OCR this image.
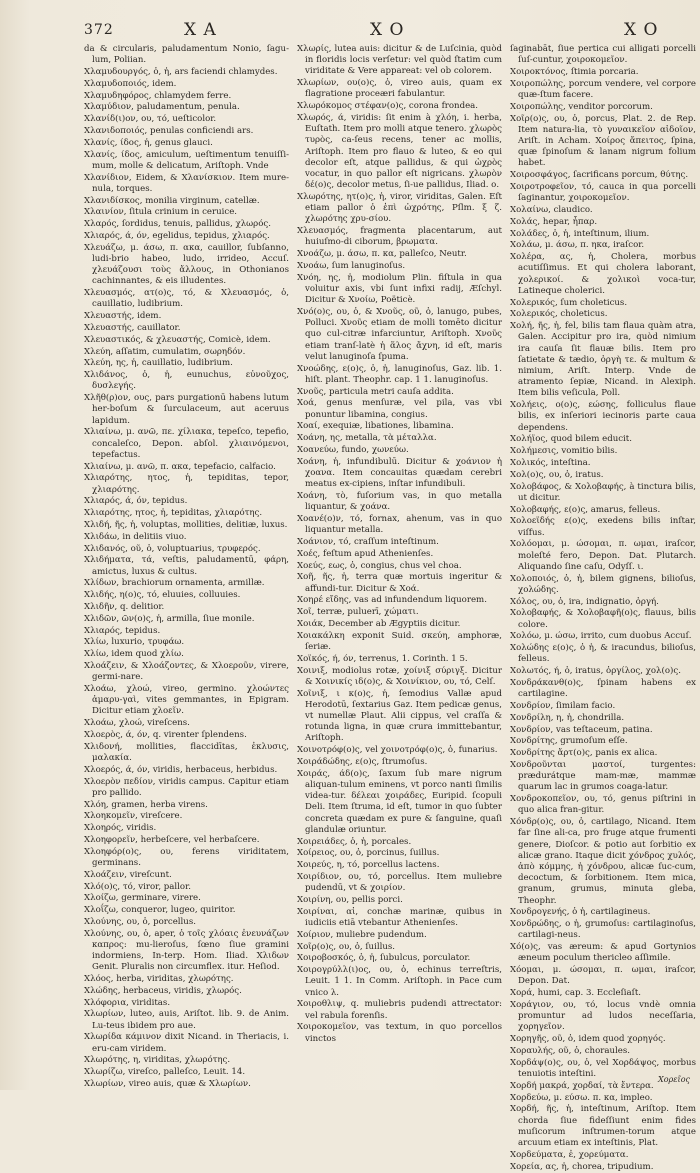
372	X A	X O	X O

da & circularis, paludamentum Nonio, ſagu-lum, Poliian.

Χλαμυδουργός, ὁ, ἡ, ars faciendi chlamydes.

Χλαμυδοποιός, idem.

Χλαμυδηφόρος, chlamydem ferre.

Χλαμύδιον, paludamentum, penula.

Χλανίδ(ι)ον, ου, τό, ueſticolor.

Χλανιδοποιός, penulas conficiendi ars.

Χλανίς, ίδος, ἡ, genus glauci.

Χλανίς, ίδος, amiculum, ueſtimentum tenuiſſi-mum, molle & delicatum, Ariſtoph. Vnde

Χλανίδιον, Eidem, & Χλανίσκιον. Item mure-nula, torques.

Χλανιδίσκος, monilia virginum, catellæ.

Χλαινίον, ſitula crinium in ceruice.

Χλαρός, ſordidus, tenuis, pallidus, χλωρός.

Χλιαρός, ά, όν, egelidus, tepidus, χλιαρός.

Χλευάζω, μ. άσω, π. ακα, cauillor, ſubſanno, ludi-brio habeo, ludo, irrideo, Accuſ. χλευάζουσι τοὺς ἄλλους, in Othonianos cachinnantes, & eis illudentes.

Χλευασμός, ατ(ο)ς, τό, & Χλευασμός, ὁ, cauillatio, ludibrium.

Χλευαστής, idem.

Χλευαστής, cauillator.

Χλευαστικός, & χλευαστής, Comicè, idem.

Χλεύη, aſſatim, cumulatim, σωρηδόν.

Χλεύη, ης, ἡ, cauillatio, ludibrium.

Χλιδάνος, ὁ, ἡ, eunuchus, εὐνοῦχος, δυσλεγής.

Χλῆθ(ρ)ον, ους, pars purgationū habens lutum her-boſum & ſurculaceum, aut aceruus lapidum.

Χλιαίνω, μ. ανῶ, πε. χίλιακα, tepeſco, tepefio, concaleſco, Depon. abſol. χλιαινόμενοι, tepefactus.

Χλιαίνω, μ. ανῶ, π. ακα, tepefacio, calfacio.

Χλιαρότης, ητος, ἡ, tepiditas, tepor, χλιαρότης.

Χλιαρός, ά, όν, tepidus.

Χλιαρότης, ητος, ἡ, tepiditas, χλιαρότης.

Χλιδή, ῆς, ἡ, voluptas, mollities, delitiæ, luxus.

Χλιδάω, in delitiis viuo.

Χλιδανός, οῦ, ὁ, voluptuarius, τρυφερός.

Χλιδήματα, τά, veſtis, paludamentū, φάρη, amictus, luxus & cultus.

Χλίδων, brachiorum ornamenta, armillæ.

Χλιδής, η(ο)ς, τό, eluuies, colluuies.

Χλιδῆν, q. delitior.

Χλιδῶν, ῶν(ο)ς, ἡ, armilla, ſiue monile.

Χλιαρός, tepidus.

Χλίω, luxurio, τρυφάω.

Χλίω, idem quod χλίω.

Χλοάζειν, & Χλοάζοντες, & Χλοεροῦν, virere, germi-nare.

Χλοάω, χλοώ, vireo, germino. χλοώντες ἀμαρυ-γαὶ, vites gemmantes, in Epigram. Dicitur etiam χλοεῖν.

Χλοάω, χλοώ, vireſcens.

Χλοερὸς, ά, όν, q. virenter ſplendens.

Χλιδονή, mollities, flaccidītas, ἐκλυσις, μαλακία.

Χλοερός, ά, όν, viridis, herbaceus, herbidus.

Χλοερὸν πεδίον, viridis campus. Capitur etiam pro pallido.

Χλόη, gramen, herba virens.

Χλοηκομεῖν, vireſcere.

Χλοηρός, viridis.

Χλοηφορεῖν, herbeſcere, vel herbaſcere.

Χλοηφόρ(ο)ς, ου, ferens viriditatem, germinans.

Χλοάζειν, vireſcunt.

Χλό(ο)ς, τό, viror, pallor.

Χλοίζω, germinare, virere.

Χλοΐζω, conqueror, lugeo, quiritor.

Χλούνης, ου, ὁ, porcellus.

Χλούνης, ου, ὁ, aper, ὁ τοῖς χλόαις ἐνευνάζων καπρος: mu-lieroſus, ſœno ſiue gramini indormiens, In-terp. Hom. Iliad. Χλιδων Genit. Pluralis non circumflex. itur. Heſiod.

Χλόος, herba, viriditas, χλωρότης.

Χλώδης, herbaceus, viridis, χλωρός.

Χλόφορια, viriditas.

Χλωρίων, luteo, auis, Ariſtot. lib. 9. de Anim. Lu-teus ibidem pro aue.

Χλωρίδα κάμινον dixit Nicand. in Theriacis, i. eru-cam viridem.

Χλωρότης, η, viriditas, χλωρότης.

Χλωρίζω, vireſco, palleſco, Leuit. 14.

Χλωρίων, vireo auis, quæ & Χλωρίων.

Χλωρίς, lutea auis: dicitur & de Luſcinia, quòd in floridis locis verſetur: vel quòd ſtatim cum viriditate & Vere appareat: vel ob colorem.

Χλωρίων, ου(ο)ς, ὁ, vireo auis, quam ex flagratione proceæri fabulantur.

Χλωρόκομος στέφαν(ο)ς, corona frondea.

Χλωρός, ά, viridis: ſit enim à χλόη, i. herba, Euſtath. Item pro molli atque tenero. χλωρὸς τυρὸς, ca-ſeus recens, tener ac mollis, Ariſtoph. Item pro flauo & luteo, & eo qui decolor eſt, atque pallidus, & qui ὠχρὸς vocatur, in quo pallor eſt nigricans. χλωρὸν δέ(ο)ς, decolor metus, ſi-ue pallidus, Iliad. ο.

Χλωρότης, ητ(ο)ς, ἡ, viror, viriditas, Galen. Eſt etiam pallor ὁ ἐπὶ ὠχρότης, Pſlm. ξ ζ. χλωρότης χρυ-σίου.

Χλευασμός, fragmenta placentarum, aut huiuſmo-di ciborum, βρωματα.

Χνοάζω, μ. άσω, π. κα, palleſco, Neutr.

Χνοάω, ſum lanuginoſus.

Χνόη, ης, ἡ, modiolum Plin. fiſtula in qua voluitur axis, vbi ſunt infixi radij, Æſchyl. Dicitur & Χνοίω, Poëticè.

Χνό(ο)ς, ου, ὁ, & Χνοῦς, οῦ, ὁ, lanugo, pubes, Polluci. Χνοῦς etiam de molli tomēto dicitur quo cul-citræ infarciuntur, Ariſtoph. Χνοῦς etiam tranſ-latè ἡ ἅλος ἄχνη, id eſt, maris velut lanuginoſa ſpuma.

Χνοώδης, ε(ο)ς, ὁ, ἡ, lanuginoſus, Gaz. lib. 1. hiſt. plant. Theophr. cap. 1 1. lanuginoſus.

Χνοῦς, particula metri cauſa addita.

Χοά, genus menſuræ, vel pila, vas vbi ponuntur libamina, congius.

Χοαί, exequiæ, libationes, libamina.

Χοάνη, ης, metalla, τὰ μέταλλα.

Χοανεύω, fundo, χωνεύω.

Χοάνη, ἡ, infundibulū. Dicitur & χοάνιον ἡ χοανα. Item concauitas quædam cerebri meatus ex-cipiens, inſtar infundibuli.

Χοάνη, τὸ, fuſorium vas, in quo metalla liquantur, & χοάνα.

Χοανέ(ο)ν, τό, fornax, ahenum, vas in quo liquantur metalla.

Χοάνιον, τό, craſſum inteſtinum.

Χοές, feſtum apud Athenienſes.

Χοεύς, εως, ὁ, congius, chus vel choa.

Χοῆ, ῆς, ἡ, terra quæ mortuis ingeritur & affundi-tur. Dicitur & Χοά.

Χοηρέ εἴδης, vas ad infundendum liquorem.

Χοῖ, terræ, puluerī, χώματι.

Χοιάκ, December ab Ægyptiis dicitur.

Χοιακάλκη exponit Suid. σκεύη, amphoræ, ſeriæ.

Χοϊκός, ή, όν, terrenus, 1. Corinth. 1 5.

Χοινιξ, modiolus rotæ, χοίνιξ σύριγξ. Dicitur & Χοινικίς ιδ(ο)ς, & Χοινίκιον, ου, τό, Celſ.

Χοῖνιξ, ι κ(ο)ς, ἡ, ſemodius Vallæ apud Herodotū, ſextarius Gaz. Item pedicæ genus, vt numellæ Plaut. Alii cippus, vel craſſa & rotunda ligna, in quæ crura immittebantur, Ariſtoph.

Χοινοτρόφ(ο)ς, vel χοινοτρόφ(ο)ς, ὁ, funarius.

Χοιράδώδης, ε(ο)ς, ſtrumoſus.

Χοιράς, άδ(ο)ς, ſaxum ſub mare nigrum aliquan-tulum eminens, vt porco nanti ſimilis videa-tur. δέλεαι χοιράδες, Euripid. ſcopuli Deli. Item ſtruma, id eſt, tumor in quo ſubter concreta quædam ex pure & ſanguine, quaſi glandulæ oriuntur.

Χοιρειάδες, ὁ, ἡ, porcales.

Χοίρειος, ου, ὁ, porcinus, ſuillus.

Χοιρεύς, η, τό, porcellus lactens.

Χοιρίδιον, ου, τό, porcellus. Item muliebre pudendū, vt & χοιρίον.

Χοιρίνη, ου, pellis porci.

Χοιρίναι, αἱ, conchæ marinæ, quibus in iudiciis etiā vtebantur Athenienſes.

Χοίριον, muliebre pudendum.

Χοῖρ(ο)ς, ου, ὁ, ſuillus.

Χοιροβοσκός, ὁ, ἡ, ſubulcus, porculator.

Χοιρογρύλλ(ι)ος, ου, ὁ, echinus terreſtris, Leuit. 1 1. In Comm. Ariſtoph. in Pace cum vnico λ.

Χοιροθλιψ, q. muliebris pudendi attrectator: vel rabula forenſis.

Χοιροκομεῖον, vas textum, in quo porcellos vinctos

ſaginabāt, ſiue pertica cui alligati porcelli ſuſ-cuntur, χοιροκομεῖον.

Χοιροκτόνος, ſtimia porcaria.

Χοιροπώλης, porcum vendere, vel corpore quæ-ſtum facere.

Χοιροπώλης, venditor porcorum.

Χοῖρ(ο)ς, ου, ὁ, porcus, Plat. 2. de Rep. Item natura-lia, τὸ γυναικεῖον αἰδοῖον, Ariſt. in Acham. Χοίρος ἄπειτος, ſpina, quæ ſpinoſum & lanam nigrum folium habet.

Χοιροσφάγος, ſacrificans porcum, θύτης.

Χοιροτροφεῖον, τό, cauca in qua porcelli ſaginantur, χοιροκομεῖον.

Χολαίνω, claudico.

Χολάς, hepar, ἧπαρ.

Χολάδες, ὁ, ἡ, inteſtinum, ilium.

Χολάω, μ. άσω, π. ηκα, iraſcor.

Χολέρα, ας, ἡ, Cholera, morbus acutiſſimus. Et qui cholera laborant, χολερικοί. & χολικοὶ voca-tur, Latineque cholerici.

Χολερικός, ſum choleticus.

Χολερικός, choleticus.

Χολή, ῆς, ἡ, fel, bilis tam flaua quàm atra, Galen. Accipitur pro ira, quòd nimium ira cauſa ſit flauæ bilis. Item pro ſatietate & tædio, ὀργὴ τε. & multum & nimium, Ariſt. Interp. Vnde de atramento ſepiæ, Nicand. in Alexiph. Item bilis veſicula, Poll.

Χολήεις, ο(ο)ς, εώσης, folliculus flaue bilis, ex inſeriori iecinoris parte caua dependens.

Χολήϊος, quod bilem educit.

Χολήμεσις, vomitio bilis.

Χολικός, inteſtina.

Χολ(ο)ς, ου, ὁ, iratus.

Χολοβάφος, & Χολοβαφής, à tinctura bilis, ut dicitur.

Χολοβαφής, ε(ο)ς, amarus, felleus.

Χολοεϊδής ε(ο)ς, exedens bilis inſtar, viſfus.

Χολόομαι, μ. ώσομαι, π. ωμαι, iraſcor, moleſté fero, Depon. Dat. Plutarch. Aliquando ſine caſu, Odyſſ. ι.

Χολοποιός, ὁ, ἡ, bilem gignens, bilioſus, χολώδης.

Χόλος, ου, ὁ, ira, indignatio, ὀργή.

Χολοβαφής, & Χολοβαφῆ(ο)ς, flauus, bilis colore.

Χολόω, μ. ώσω, irrito, cum duobus Accuſ.

Χολώδης ε(ο)ς, ὁ ἡ, & iracundus, bilioſus, felleus.

Χολωτός, ή, ὁ, iratus, ὀργίλος, χολ(ο)ς.

Χονδράκανθ(ο)ς, ſpinam habens ex cartilagine.

Χονδρίον, ſimilam facio.

Χονδρίλη, η, ἡ, chondrilla.

Χονδρίον, vas teſtaceum, patina.

Χονδρίτης, grumoſum eſſe.

Χονδρίτης ἄρτ(ο)ς, panis ex alica.

Χονδροῦνται μαστοί, turgentes: prædurátque mam-mæ, mammæ quarum lac in grumos coaga-latur.

Χονδροκοπεῖον, ου, τό, genus piſtrini in quo alica fran-gitur.

Χόνδρ(ο)ς, ου, ὁ, cartilago, Nicand. Item far ſine ali-ca, pro fruge atque frumenti genere, Dioſcor. & potio aut ſorbitio ex alicæ grano. Itaque dicit χόνδρος χυλός, ἀπὸ κόμμης, ἡ χόνδρου, alicæ ſuc-cum, decoctum, & ſorbitionem. Item mica, granum, grumus, minuta gleba, Theophr.

Χονδρογενής, ὁ ἡ, cartilagineus.

Χονδρώδης, ο ἡ, grumoſus: cartilaginoſus, cartilagi-neus.

Χό(ο)ς, vas æreum: & apud Gortynios æneum poculum thericleo aſſimile.

Χόομαι, μ. ώσομαι, π. ωμαι, iraſcor, Depon. Dat.

Χορά, humi, cap. 3. Eccleſiaſt.

Χοράγιον, ου, τό, locus vndè omnia promuntur ad ludos neceſſaria, χορηγεῖον.

Χορηγῆς, οῦ, ὁ, idem quod χορηγός.

Χοραυλής, οῦ, ὁ, choraules.

Χορδάψ(ο)ς, ου, ὁ, vel Χορδάψος, morbus tenuiotis inteſtini.

Χορδή μακρά, χορδαί, τὰ ἔντερα.

Χορδεύω, μ. εύσω. π. κα, impleo.

Χορδή, ῆς, ἡ, inteſtinum, Ariſtop. Item chorda ſiue fideſſiunt enim fides muſicorum inſtrumen-torum atque arcuum etiam ex inteſtinis, Plat.

Χορδεύματα, ἐ, χορεύματα.

Χορεία, ας, ἡ, chorea, tripudium.

Χορεῖος
